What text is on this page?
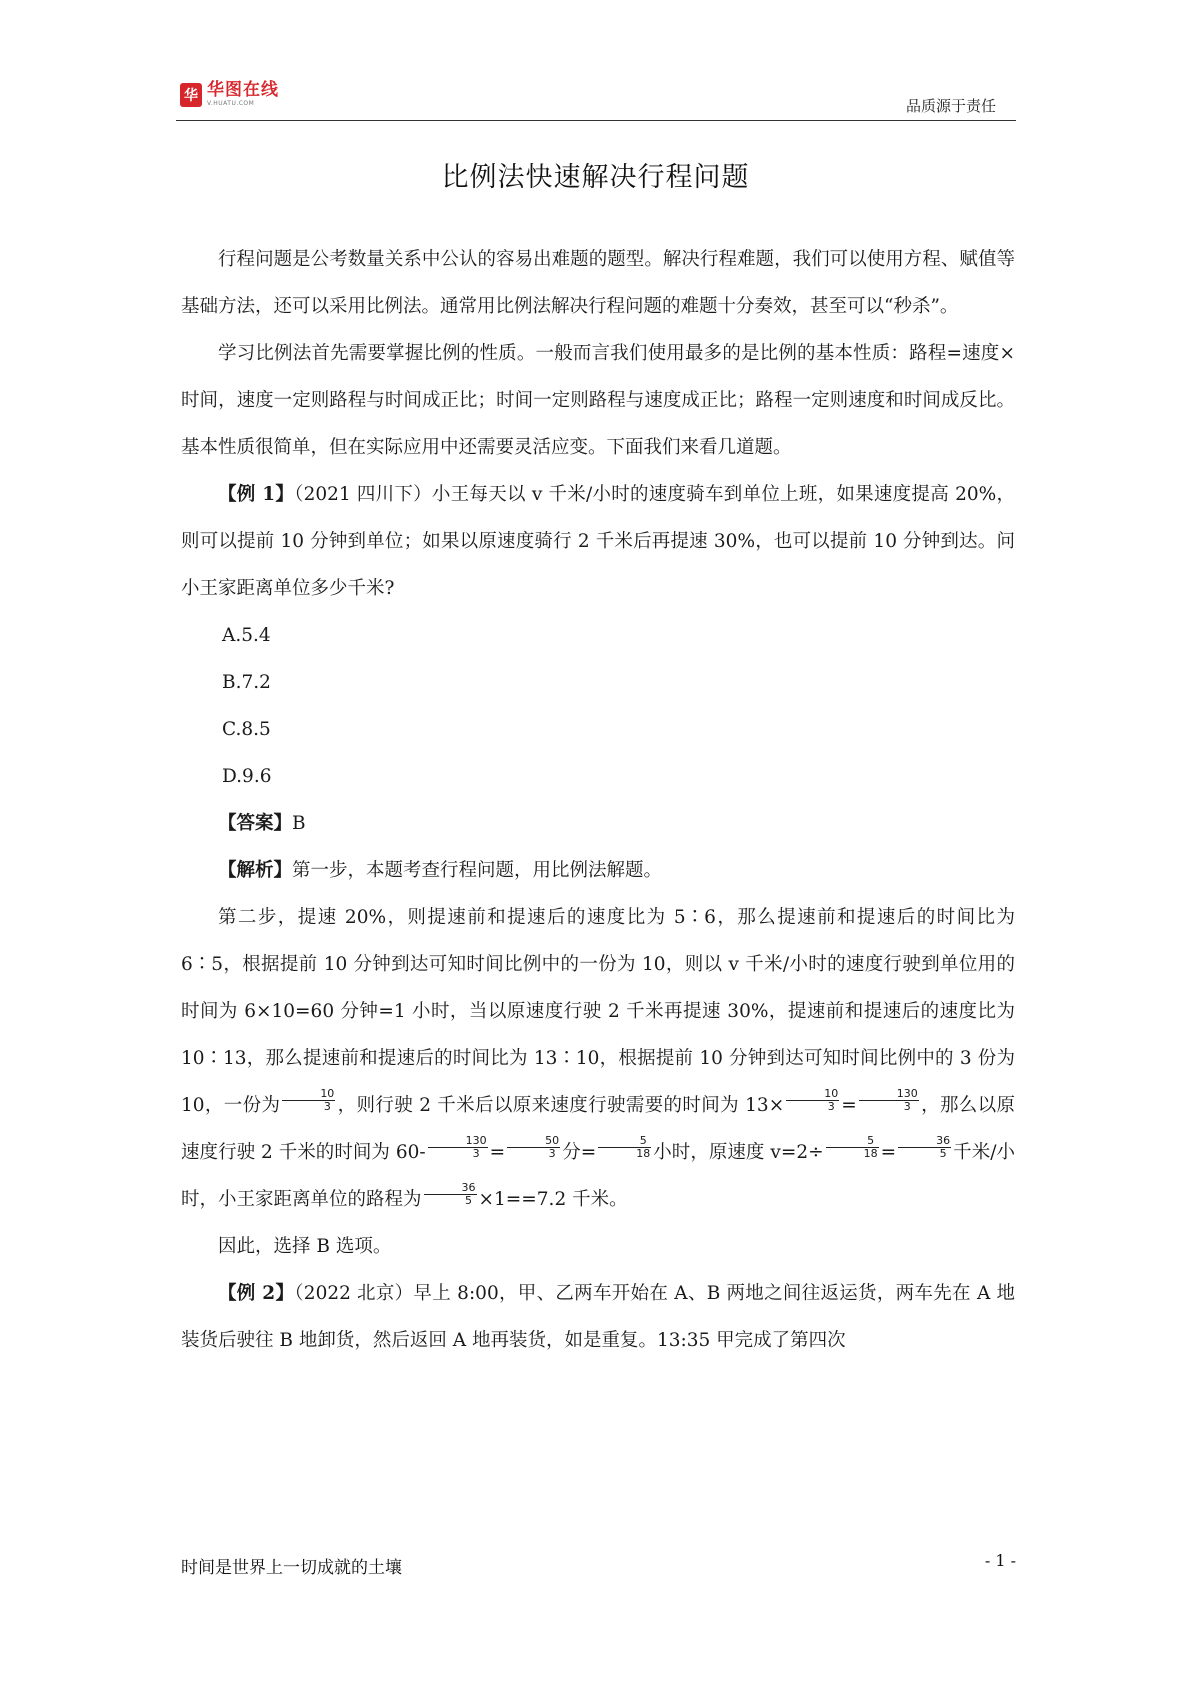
华 华图在线
V.HUATU.COM	品质源于责任
比例法快速解决行程问题

行程问题是公考数量关系中公认的容易出难题的题型。解决行程难题，我们可以使用方程、赋值等基础方法，还可以采用比例法。通常用比例法解决行程问题的难题十分奏效，甚至可以“秒杀”。

学习比例法首先需要掌握比例的性质。一般而言我们使用最多的是比例的基本性质：路程=速度×时间，速度一定则路程与时间成正比；时间一定则路程与速度成正比；路程一定则速度和时间成反比。基本性质很简单，但在实际应用中还需要灵活应变。下面我们来看几道题。

【例 1】（2021 四川下）小王每天以 v 千米/小时的速度骑车到单位上班，如果速度提高 20%，则可以提前 10 分钟到单位；如果以原速度骑行 2 千米后再提速 30%，也可以提前 10 分钟到达。问小王家距离单位多少千米?

A.5.4

B.7.2

C.8.5

D.9.6

【答案】B

【解析】第一步，本题考查行程问题，用比例法解题。

第二步，提速 20%，则提速前和提速后的速度比为 5∶6，那么提速前和提速后的时间比为 6∶5，根据提前 10 分钟到达可知时间比例中的一份为 10，则以 v 千米/小时的速度行驶到单位用的时间为 6×10=60 分钟=1 小时，当以原速度行驶 2 千米再提速 30%，提速前和提速后的速度比为 10∶13，那么提速前和提速后的时间比为 13∶10，根据提前 10 分钟到达可知时间比例中的 3 份为 10，一份为 $\frac{10}{3}$ ，则行驶 2 千米后以原来速度行驶需要的时间为 $13\times \frac{10}{3} = \frac{130}{3}$ ，那么以原速度行驶 2 千米的时间为 $60- \frac{130}{3} = \frac{50}{3}$ 分= $\frac{5}{18}$ 小时，原速度 $v=2\div \frac{5}{18} = \frac{36}{5}$ 千米/小时，小王家距离单位的路程为 $\frac{36}{5} \times 1==7.2$ 千米。

因此，选择 B 选项。

【例 2】（2022 北京）早上 8:00，甲、乙两车开始在 A、B 两地之间往返运货，两车先在 A 地装货后驶往 B 地卸货，然后返回 A 地再装货，如是重复。13:35 甲完成了第四次

时间是世界上一切成就的土壤	- 1 -
